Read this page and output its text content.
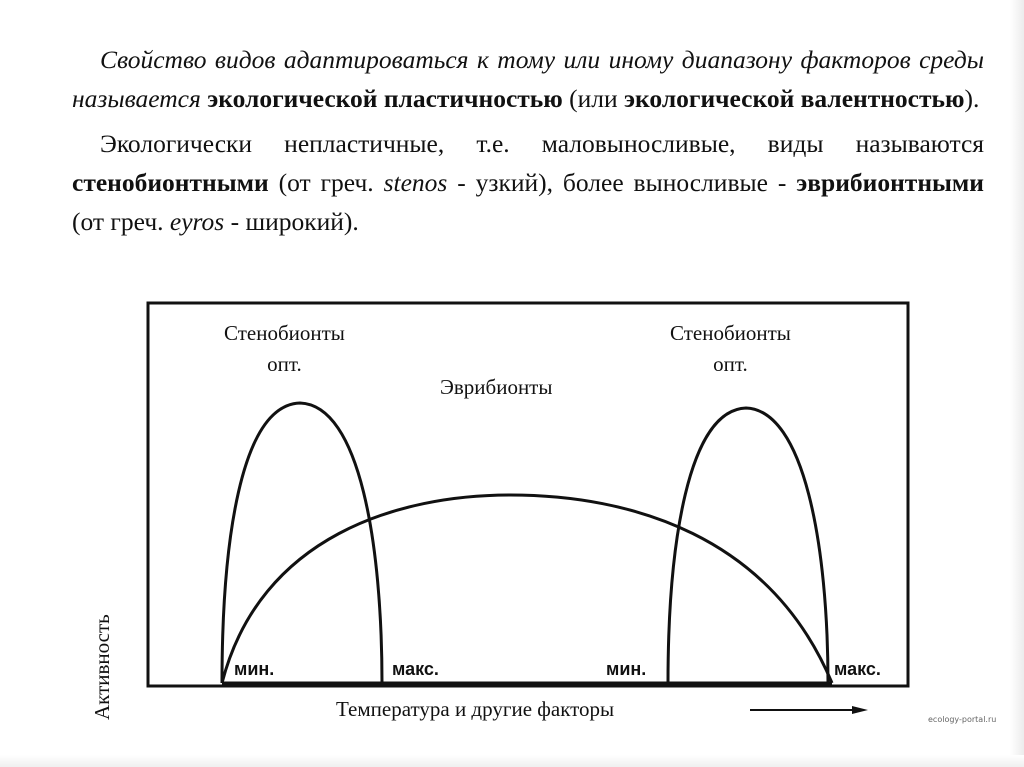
Свойство видов адаптироваться к тому или иному диапазону факторов среды называется экологической пластичностью (или экологической валентностью).

Экологически непластичные, т.е. маловыносливые, виды называются стенобионтными (от греч. stenos - узкий), более выносливые - эврибионтными (от греч. eyros - широкий).

Стенобионты
опт.
Стенобионты
опт.
Эврибионты
мин.	макс.	мин.	макс.
Активность	Температура и другие факторы	ecology-portal.ru
